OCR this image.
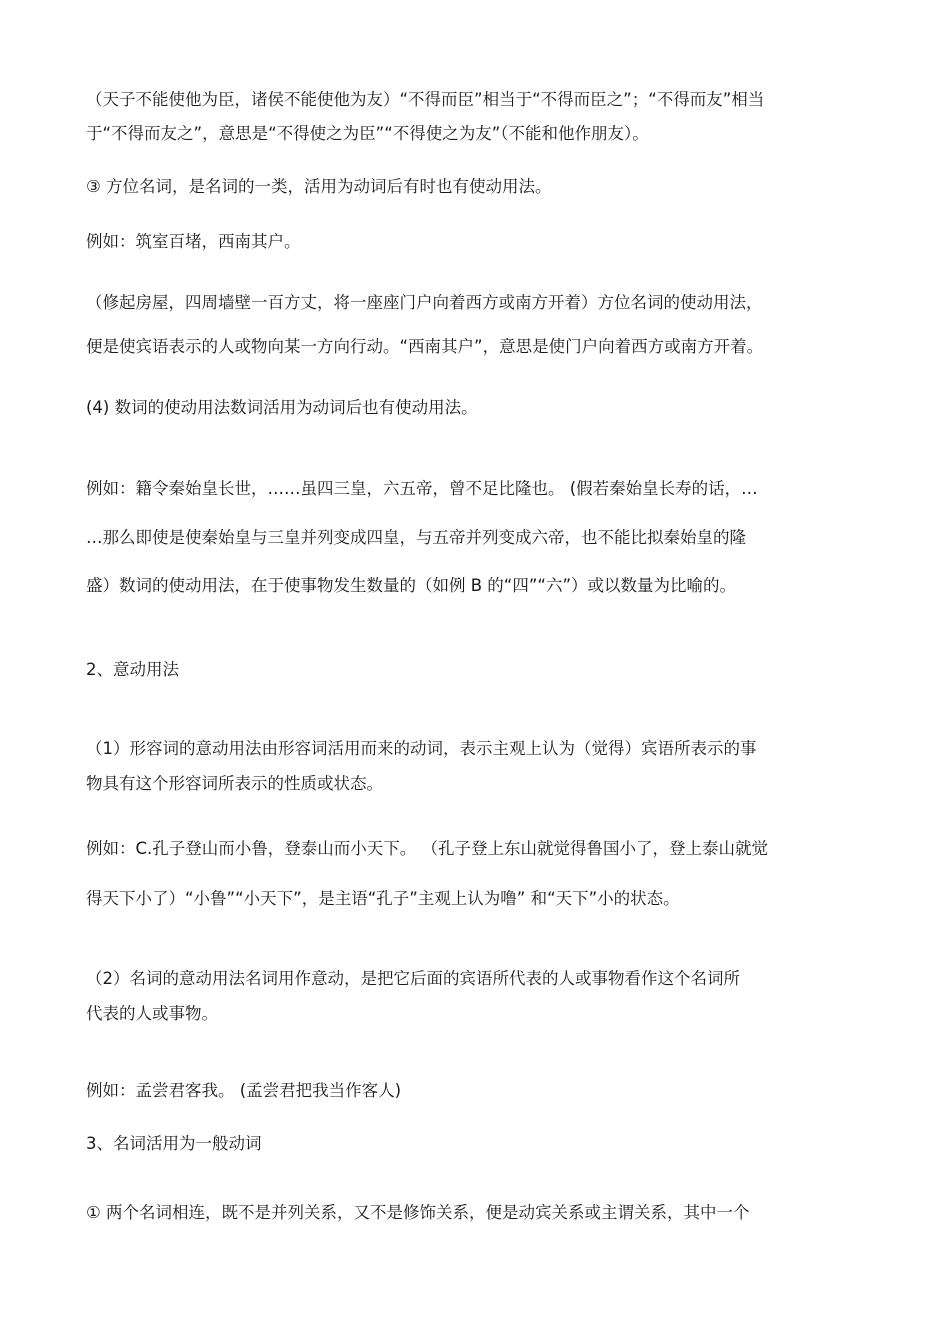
（天子不能使他为臣，诸侯不能使他为友）“不得而臣”相当于“不得而臣之”；“不得而友”相当
于“不得而友之”，意思是“不得使之为臣”“不得使之为友”（不能和他作朋友）。
③ 方位名词，是名词的一类，活用为动词后有时也有使动用法。
例如：筑室百堵，西南其户。
（修起房屋，四周墙壁一百方丈，将一座座门户向着西方或南方开着）方位名词的使动用法，
便是使宾语表示的人或物向某一方向行动。“西南其户”，意思是使门户向着西方或南方开着。
(4) 数词的使动用法数词活用为动词后也有使动用法。
例如：籍令秦始皇长世，……虽四三皇，六五帝，曾不足比隆也。 (假若秦始皇长寿的话，…
…那么即使是使秦始皇与三皇并列变成四皇，与五帝并列变成六帝，也不能比拟秦始皇的隆
盛）数词的使动用法，在于使事物发生数量的（如例 B 的“四”“六”）或以数量为比喻的。
2、意动用法
（1）形容词的意动用法由形容词活用而来的动词，表示主观上认为（觉得）宾语所表示的事
物具有这个形容词所表示的性质或状态。
例如：C.孔子登山而小鲁，登泰山而小天下。 （孔子登上东山就觉得鲁国小了，登上泰山就觉
得天下小了）“小鲁”“小天下”，是主语“孔子”主观上认为噜” 和“天下”小的状态。
（2）名词的意动用法名词用作意动，是把它后面的宾语所代表的人或事物看作这个名词所
代表的人或事物。
例如：孟尝君客我。 (孟尝君把我当作客人)
3、名词活用为一般动词
① 两个名词相连，既不是并列关系，又不是修饰关系，便是动宾关系或主谓关系，其中一个
